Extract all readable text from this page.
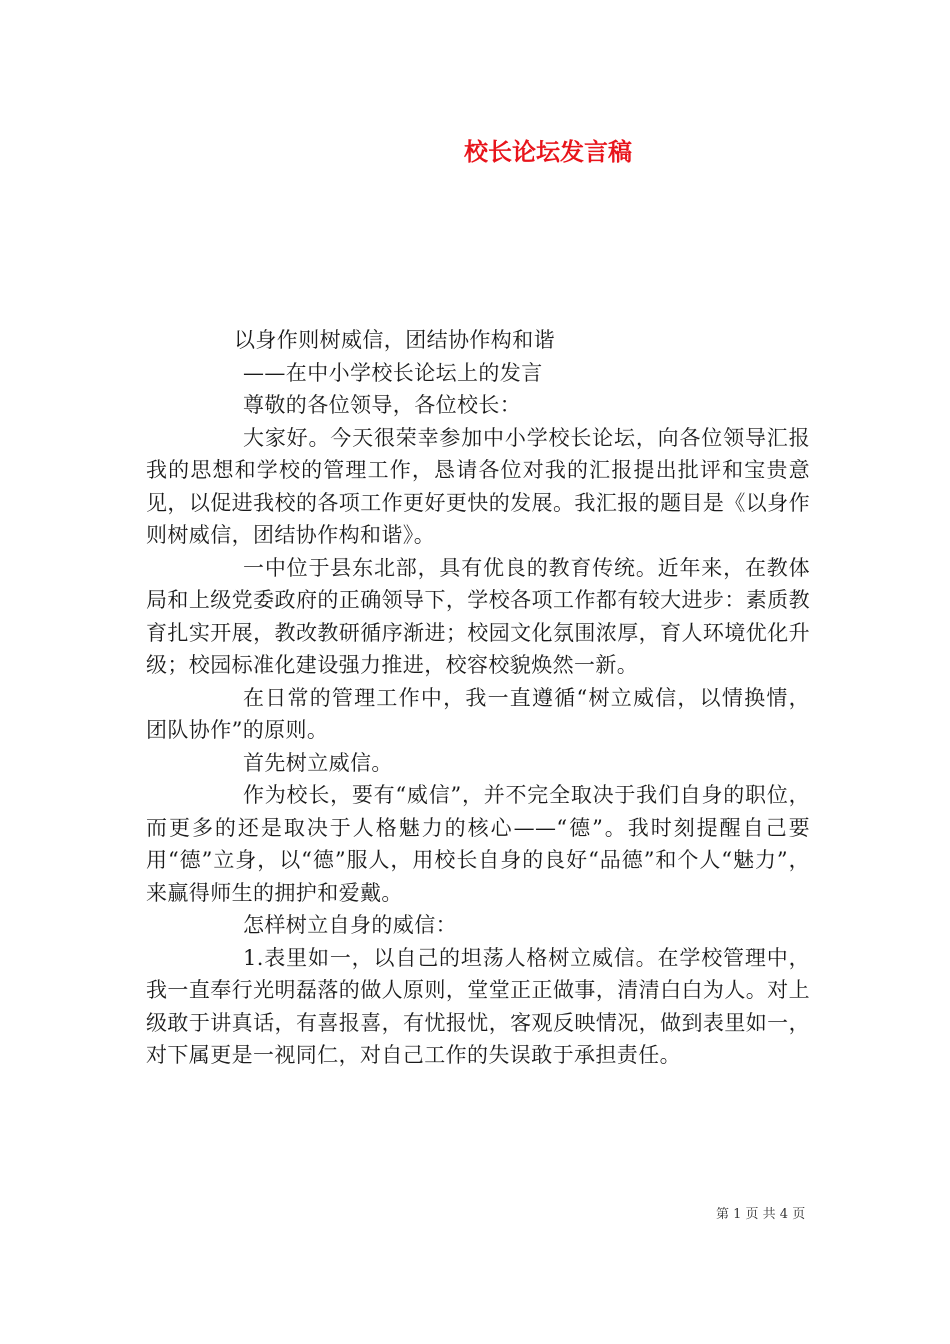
校长论坛发言稿
以身作则树威信，团结协作构和谐
——在中小学校长论坛上的发言
尊敬的各位领导，各位校长：

大家好。今天很荣幸参加中小学校长论坛，向各位领导汇报我的思想和学校的管理工作，恳请各位对我的汇报提出批评和宝贵意见，以促进我校的各项工作更好更快的发展。我汇报的题目是《以身作则树威信，团结协作构和谐》。

一中位于县东北部，具有优良的教育传统。近年来，在教体局和上级党委政府的正确领导下，学校各项工作都有较大进步：素质教育扎实开展，教改教研循序渐进；校园文化氛围浓厚，育人环境优化升级；校园标准化建设强力推进，校容校貌焕然一新。

在日常的管理工作中，我一直遵循“树立威信，以情换情，团队协作”的原则。

首先树立威信。

作为校长，要有“威信”，并不完全取决于我们自身的职位，而更多的还是取决于人格魅力的核心——“德”。我时刻提醒自己要用“德”立身，以“德”服人，用校长自身的良好“品德”和个人“魅力”，来赢得师生的拥护和爱戴。

怎样树立自身的威信：

1.表里如一，以自己的坦荡人格树立威信。在学校管理中，我一直奉行光明磊落的做人原则，堂堂正正做事，清清白白为人。对上级敢于讲真话，有喜报喜，有忧报忧，客观反映情况，做到表里如一，对下属更是一视同仁，对自己工作的失误敢于承担责任。

第 1 页 共 4 页
